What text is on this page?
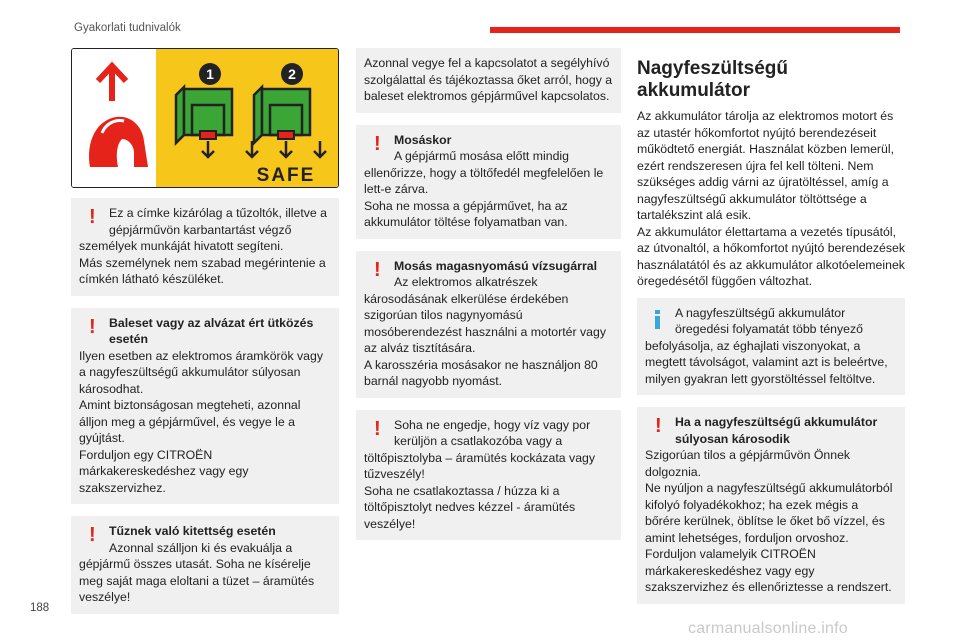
Gyakorlati tudnivalók
1	2
SAFE
!	Ez a címke kizárólag a tűzoltók, illetve a
gépjárművön karbantartást végző
személyek munkáját hivatott segíteni.
Más személynek nem szabad megérintenie a címkén látható készüléket.
!	Baleset vagy az alvázat ért ütközés
esetén
Ilyen esetben az elektromos áramkörök vagy a nagyfeszültségű akkumulátor súlyosan károsodhat.
Amint biztonságosan megteheti, azonnal álljon meg a gépjárművel, és vegye le a gyújtást.
Forduljon egy CITROËN márkakereskedéshez vagy egy szakszervizhez.
!	Tűznek való kitettség esetén
Azonnal szálljon ki és evakuálja a
gépjármű összes utasát. Soha ne kísérelje meg saját maga eloltani a tüzet – áramütés veszélye!
Azonnal vegye fel a kapcsolatot a segélyhívó szolgálattal és tájékoztassa őket arról, hogy a baleset elektromos gépjárművel kapcsolatos.
!	Mosáskor
A gépjármű mosása előtt mindig
ellenőrizze, hogy a töltőfedél megfelelően le lett-e zárva.
Soha ne mossa a gépjárművet, ha az akkumulátor töltése folyamatban van.
!	Mosás magasnyomású vízsugárral
Az elektromos alkatrészek
károsodásának elkerülése érdekében szigorúan tilos nagynyomású mosóberendezést használni a motortér vagy az alváz tisztítására.
A karosszéria mosásakor ne használjon 80 barnál nagyobb nyomást.
!	Soha ne engedje, hogy víz vagy por
kerüljön a csatlakozóba vagy a
töltőpisztolyba – áramütés kockázata vagy tűzveszély!
Soha ne csatlakoztassa / húzza ki a töltőpisztolyt nedves kézzel - áramütés veszélye!
Nagyfeszültségű
akkumulátor
Az akkumulátor tárolja az elektromos motort és az utastér hőkomfortot nyújtó berendezéseit működtető energiát. Használat közben lemerül, ezért rendszeresen újra fel kell tölteni. Nem szükséges addig várni az újratöltéssel, amíg a nagyfeszültségű akkumulátor töltöttsége a tartalékszint alá esik.
Az akkumulátor élettartama a vezetés típusától, az útvonaltól, a hőkomfortot nyújtó berendezések használatától és az akkumulátor alkotóelemeinek öregedésétől függően változhat.
A nagyfeszültségű akkumulátor
öregedési folyamatát több tényező
befolyásolja, az éghajlati viszonyokat, a megtett távolságot, valamint azt is beleértve, milyen gyakran lett gyorstöltéssel feltöltve.
!	Ha a nagyfeszültségű akkumulátor
súlyosan károsodik
Szigorúan tilos a gépjárművön Önnek dolgoznia.
Ne nyúljon a nagyfeszültségű akkumulátorból kifolyó folyadékokhoz; ha ezek mégis a bőrére kerülnek, öblítse le őket bő vízzel, és amint lehetséges, forduljon orvoshoz.
Forduljon valamelyik CITROËN márkakereskedéshez vagy egy szakszervizhez és ellenőriztesse a rendszert.
188
carmanualsonline.info
